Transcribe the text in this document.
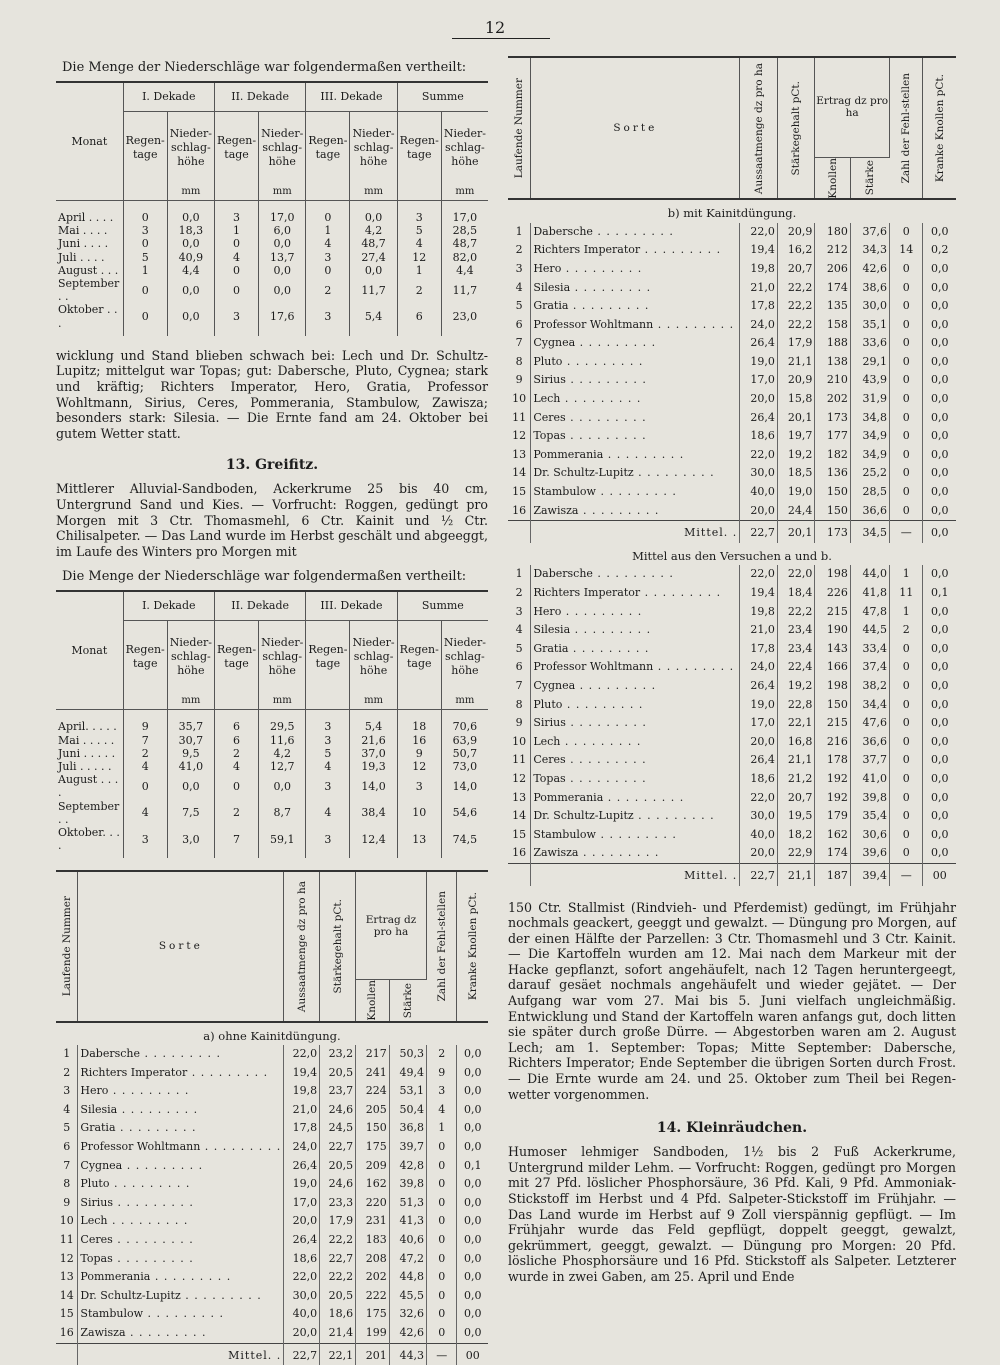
12
Die Menge der Niederschläge war folgendermaßen vertheilt:
Monat	I. Dekade		II. Dekade		III. Dekade		Summe	
	Regen-tage	Nieder-schlag-höhe	Regen-tage	Nieder-schlag-höhe	Regen-tage	Nieder-schlag-höhe	Regen-tage	Nieder-schlag-höhe
		mm		mm		mm		mm
April . . . .	0	0,0	3	17,0	0	0,0	3	17,0
Mai . . . .	3	18,3	1	6,0	1	4,2	5	28,5
Juni . . . .	0	0,0	0	0,0	4	48,7	4	48,7
Juli . . . .	5	40,9	4	13,7	3	27,4	12	82,0
August . . .	1	4,4	0	0,0	0	0,0	1	4,4
September . .	0	0,0	0	0,0	2	11,7	2	11,7
Oktober . . .	0	0,0	3	17,6	3	5,4	6	23,0

wicklung und Stand blieben schwach bei: Lech und Dr. Schultz-Lupitz; mittelgut war Topas; gut: Dabersche, Pluto, Cygnea; stark und kräftig; Richters Imperator, Hero, Gratia, Professor Wohltmann, Sirius, Ceres, Pommerania, Stambulow, Zawisza; besonders stark: Silesia. — Die Ernte fand am 24. Oktober bei gutem Wetter statt.

13. Greifitz.

Mittlerer Alluvial-Sandboden, Ackerkrume 25 bis 40 cm, Untergrund Sand und Kies. — Vorfrucht: Roggen, gedüngt pro Morgen mit 3 Ctr. Thomasmehl, 6 Ctr. Kainit und ½ Ctr. Chilisalpeter. — Das Land wurde im Herbst geschält und abgeeggt, im Laufe des Winters pro Morgen mit

Die Menge der Niederschläge war folgendermaßen vertheilt:
Monat	I. Dekade		II. Dekade		III. Dekade		Summe	
	Regen-tage	Nieder-schlag-höhe	Regen-tage	Nieder-schlag-höhe	Regen-tage	Nieder-schlag-höhe	Regen-tage	Nieder-schlag-höhe
		mm		mm		mm		mm
April. . . . .	9	35,7	6	29,5	3	5,4	18	70,6
Mai . . . . .	7	30,7	6	11,6	3	21,6	16	63,9
Juni . . . . .	2	9,5	2	4,2	5	37,0	9	50,7
Juli . . . . .	4	41,0	4	12,7	4	19,3	12	73,0
August . . . .	0	0,0	0	0,0	3	14,0	3	14,0
September . .	4	7,5	2	8,7	4	38,4	10	54,6
Oktober. . . .	3	3,0	7	59,1	3	12,4	13	74,5
Laufende Nummer	Sorte	Aussaatmenge dz pro ha	Stärkegehalt pCt.	Ertrag dz pro ha		Zahl der Fehl-stellen	Kranke Knollen pCt.

				Knollen	Stärke		

a) ohne Kainitdüngung.							
1	Dabersche . . . . . . . . .	22,0	23,2	217	50,3	2	0,0
2	Richters Imperator . . . . . . . . .	19,4	20,5	241	49,4	9	0,0
3	Hero . . . . . . . . .	19,8	23,7	224	53,1	3	0,0
4	Silesia . . . . . . . . .	21,0	24,6	205	50,4	4	0,0
5	Gratia . . . . . . . . .	17,8	24,5	150	36,8	1	0,0
6	Professor Wohltmann . . . . . . . . .	24,0	22,7	175	39,7	0	0,0
7	Cygnea . . . . . . . . .	26,4	20,5	209	42,8	0	0,1
8	Pluto . . . . . . . . .	19,0	24,6	162	39,8	0	0,0
9	Sirius . . . . . . . . .	17,0	23,3	220	51,3	0	0,0
10	Lech . . . . . . . . .	20,0	17,9	231	41,3	0	0,0
11	Ceres . . . . . . . . .	26,4	22,2	183	40,6	0	0,0
12	Topas . . . . . . . . .	18,6	22,7	208	47,2	0	0,0
13	Pommerania . . . . . . . . .	22,0	22,2	202	44,8	0	0,0
14	Dr. Schultz-Lupitz . . . . . . . . .	30,0	20,5	222	45,5	0	0,0
15	Stambulow . . . . . . . . .	40,0	18,6	175	32,6	0	0,0
16	Zawisza . . . . . . . . .	20,0	21,4	199	42,6	0	0,0
	Mittel. .	22,7	22,1	201	44,3	—	00
Laufende Nummer	Sorte	Aussaatmenge dz pro ha	Stärkegehalt pCt.	Ertrag dz pro ha		Zahl der Fehl-stellen	Kranke Knollen pCt.

				Knollen	Stärke		

b) mit Kainitdüngung.							
1	Dabersche . . . . . . . . .	22,0	20,9	180	37,6	0	0,0
2	Richters Imperator . . . . . . . . .	19,4	16,2	212	34,3	14	0,2
3	Hero . . . . . . . . .	19,8	20,7	206	42,6	0	0,0
4	Silesia . . . . . . . . .	21,0	22,2	174	38,6	0	0,0
5	Gratia . . . . . . . . .	17,8	22,2	135	30,0	0	0,0
6	Professor Wohltmann . . . . . . . . .	24,0	22,2	158	35,1	0	0,0
7	Cygnea . . . . . . . . .	26,4	17,9	188	33,6	0	0,0
8	Pluto . . . . . . . . .	19,0	21,1	138	29,1	0	0,0
9	Sirius . . . . . . . . .	17,0	20,9	210	43,9	0	0,0
10	Lech . . . . . . . . .	20,0	15,8	202	31,9	0	0,0
11	Ceres . . . . . . . . .	26,4	20,1	173	34,8	0	0,0
12	Topas . . . . . . . . .	18,6	19,7	177	34,9	0	0,0
13	Pommerania . . . . . . . . .	22,0	19,2	182	34,9	0	0,0
14	Dr. Schultz-Lupitz . . . . . . . . .	30,0	18,5	136	25,2	0	0,0
15	Stambulow . . . . . . . . .	40,0	19,0	150	28,5	0	0,0
16	Zawisza . . . . . . . . .	20,0	24,4	150	36,6	0	0,0
	Mittel. .	22,7	20,1	173	34,5	—	0,0
Mittel aus den Versuchen a und b.							
1	Dabersche . . . . . . . . .	22,0	22,0	198	44,0	1	0,0
2	Richters Imperator . . . . . . . . .	19,4	18,4	226	41,8	11	0,1
3	Hero . . . . . . . . .	19,8	22,2	215	47,8	1	0,0
4	Silesia . . . . . . . . .	21,0	23,4	190	44,5	2	0,0
5	Gratia . . . . . . . . .	17,8	23,4	143	33,4	0	0,0
6	Professor Wohltmann . . . . . . . . .	24,0	22,4	166	37,4	0	0,0
7	Cygnea . . . . . . . . .	26,4	19,2	198	38,2	0	0,0
8	Pluto . . . . . . . . .	19,0	22,8	150	34,4	0	0,0
9	Sirius . . . . . . . . .	17,0	22,1	215	47,6	0	0,0
10	Lech . . . . . . . . .	20,0	16,8	216	36,6	0	0,0
11	Ceres . . . . . . . . .	26,4	21,1	178	37,7	0	0,0
12	Topas . . . . . . . . .	18,6	21,2	192	41,0	0	0,0
13	Pommerania . . . . . . . . .	22,0	20,7	192	39,8	0	0,0
14	Dr. Schultz-Lupitz . . . . . . . . .	30,0	19,5	179	35,4	0	0,0
15	Stambulow . . . . . . . . .	40,0	18,2	162	30,6	0	0,0
16	Zawisza . . . . . . . . .	20,0	22,9	174	39,6	0	0,0
	Mittel. .	22,7	21,1	187	39,4	—	00

150 Ctr. Stallmist (Rindvieh- und Pferdemist) gedüngt, im Frühjahr nochmals geackert, geeggt und gewalzt. — Düngung pro Morgen, auf der einen Hälfte der Parzellen: 3 Ctr. Thomasmehl und 3 Ctr. Kainit. — Die Kartoffeln wurden am 12. Mai nach dem Markeur mit der Hacke gepflanzt, sofort angehäufelt, nach 12 Tagen heruntergeegt, darauf gesäet nochmals angehäufelt und wieder gejätet. — Der Aufgang war vom 27. Mai bis 5. Juni vielfach ungleichmäßig. Entwicklung und Stand der Kartoffeln waren anfangs gut, doch litten sie später durch große Dürre. — Abgestorben waren am 2. August Lech; am 1. September: Topas; Mitte September: Dabersche, Richters Imperator; Ende September die übrigen Sorten durch Frost. — Die Ernte wurde am 24. und 25. Oktober zum Theil bei Regenwetter vorgenommen.

14. Kleinräudchen.

Humoser lehmiger Sandboden, 1½ bis 2 Fuß Ackerkrume, Untergrund milder Lehm. — Vorfrucht: Roggen, gedüngt pro Morgen mit 27 Pfd. löslicher Phosphorsäure, 36 Pfd. Kali, 9 Pfd. Ammoniak-Stickstoff im Herbst und 4 Pfd. Salpeter-Stickstoff im Frühjahr. — Das Land wurde im Herbst auf 9 Zoll vierspännig gepflügt. — Im Frühjahr wurde das Feld gepflügt, doppelt geeggt, gewalzt, gekrümmert, geeggt, gewalzt. — Düngung pro Morgen: 20 Pfd. lösliche Phosphorsäure und 16 Pfd. Stickstoff als Salpeter. Letzterer wurde in zwei Gaben, am 25. April und Ende
